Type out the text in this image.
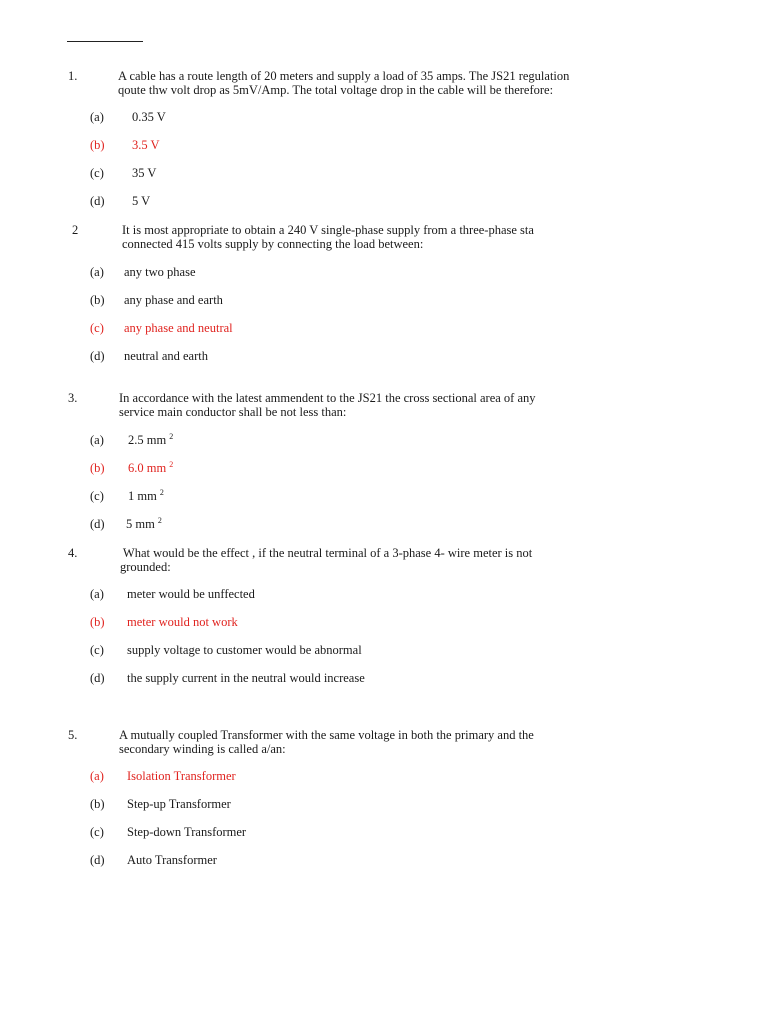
1.	A cable has a route length of 20 meters and supply a load of 35 amps. The JS21 regulation
qoute thw volt drop as 5mV/Amp. The total voltage drop in the cable will be therefore:
(a) 0.35 V
(b) 3.5 V
(c) 35 V
(d) 5 V
2	It is most appropriate to obtain a 240 V single-phase supply from a three-phase sta
connected 415 volts supply by connecting the load between:
(a) any two phase
(b) any phase and earth
(c) any phase and neutral
(d) neutral and earth
3.	In accordance with the latest ammendent to the JS21 the cross sectional area of any
service main conductor shall be not less than:
(a) 2.5 mm $^2$
(b) 6.0 mm $^2$
(c) 1 mm $^2$
(d) 5 mm $^2$
4.	What would be the effect , if the neutral terminal of a 3-phase 4- wire meter is not
grounded:
(a) meter would be unffected
(b) meter would not work
(c) supply voltage to customer would be abnormal
(d) the supply current in the neutral would increase
5.	A mutually coupled Transformer with the same voltage in both the primary and the
secondary winding is called a/an:
(a) Isolation Transformer
(b) Step-up Transformer
(c) Step-down Transformer
(d) Auto Transformer
